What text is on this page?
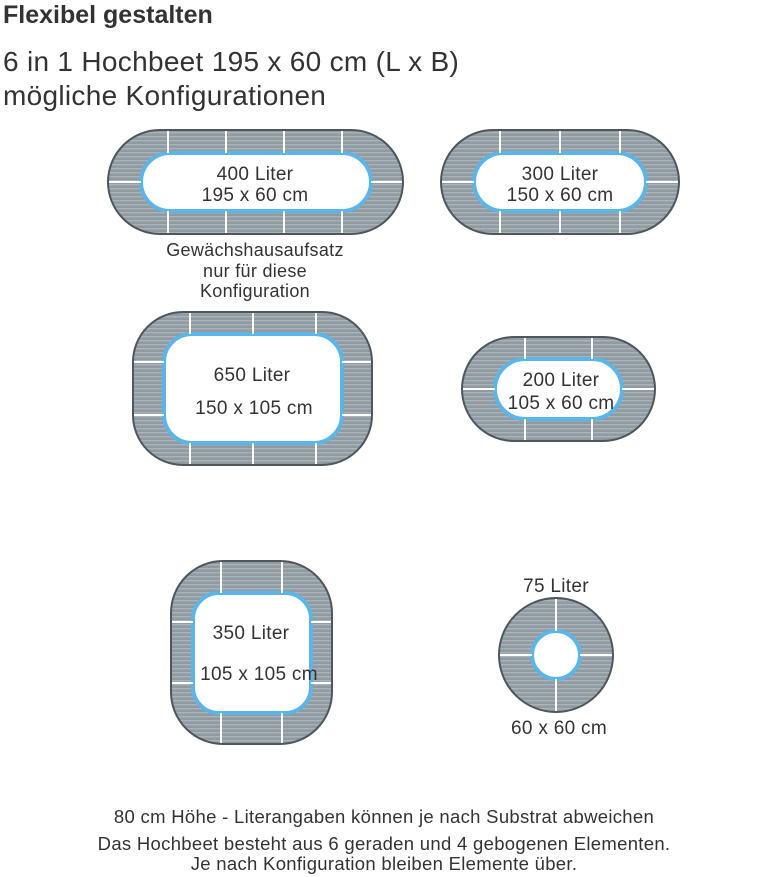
Flexibel gestalten

6 in 1 Hochbeet 195 x 60 cm (L x B)

mögliche Konfigurationen

400 Liter
195 x 60 cm
Gewächshausaufsatz
nur für diese
Konfiguration
300 Liter
150 x 60 cm
650 Liter
150 x 105 cm
200 Liter
105 x 60 cm
350 Liter
105 x 105 cm
75 Liter
60 x 60 cm

80 cm Höhe - Literangaben können je nach Substrat abweichen

Das Hochbeet besteht aus 6 geraden und 4 gebogenen Elementen.

Je nach Konfiguration bleiben Elemente über.
